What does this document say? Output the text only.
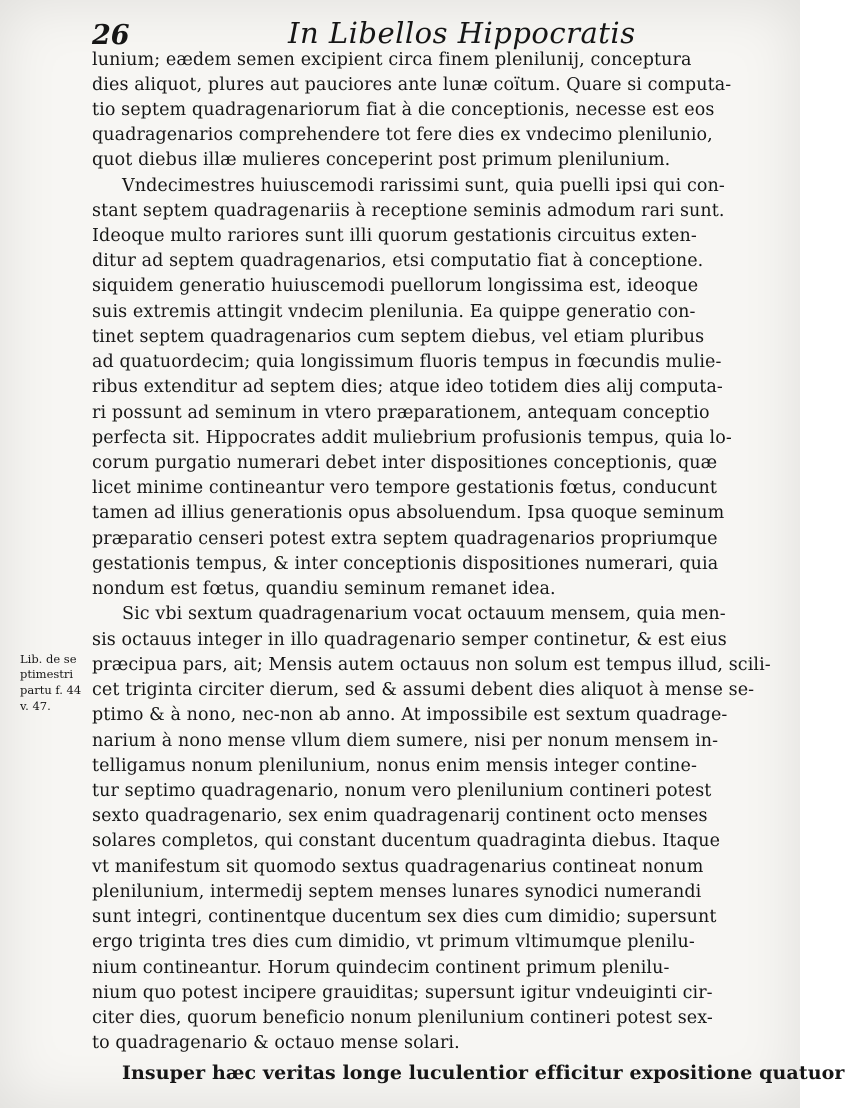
26	In Libellos Hippocratis
lunium; eædem semen excipient circa finem plenilunij, conceptura
dies aliquot, plures aut pauciores ante lunæ coïtum. Quare si computa-
tio septem quadragenariorum fiat à die conceptionis, necesse est eos
quadragenarios comprehendere tot fere dies ex vndecimo plenilunio,
quot diebus illæ mulieres conceperint post primum plenilunium.
Vndecimestres huiuscemodi rarissimi sunt, quia puelli ipsi qui con-
stant septem quadragenariis à receptione seminis admodum rari sunt.
Ideoque multo rariores sunt illi quorum gestationis circuitus exten-
ditur ad septem quadragenarios, etsi computatio fiat à conceptione.
siquidem generatio huiuscemodi puellorum longissima est, ideoque
suis extremis attingit vndecim plenilunia. Ea quippe generatio con-
tinet septem quadragenarios cum septem diebus, vel etiam pluribus
ad quatuordecim; quia longissimum fluoris tempus in fœcundis mulie-
ribus extenditur ad septem dies; atque ideo totidem dies alij computa-
ri possunt ad seminum in vtero præparationem, antequam conceptio
perfecta sit. Hippocrates addit muliebrium profusionis tempus, quia lo-
corum purgatio numerari debet inter dispositiones conceptionis, quæ
licet minime contineantur vero tempore gestationis fœtus, conducunt
tamen ad illius generationis opus absoluendum. Ipsa quoque seminum
præparatio censeri potest extra septem quadragenarios propriumque
gestationis tempus, & inter conceptionis dispositiones numerari, quia
nondum est fœtus, quandiu seminum remanet idea.
Sic vbi sextum quadragenarium vocat octauum mensem, quia men-
sis octauus integer in illo quadragenario semper continetur, & est eius
præcipua pars, ait; Mensis autem octauus non solum est tempus illud, scili-
cet triginta circiter dierum, sed & assumi debent dies aliquot à mense se-
ptimo & à nono, nec-non ab anno. At impossibile est sextum quadrage-
narium à nono mense vllum diem sumere, nisi per nonum mensem in-
telligamus nonum plenilunium, nonus enim mensis integer contine-
tur septimo quadragenario, nonum vero plenilunium contineri potest
sexto quadragenario, sex enim quadragenarij continent octo menses
solares completos, qui constant ducentum quadraginta diebus. Itaque
vt manifestum sit quomodo sextus quadragenarius contineat nonum
plenilunium, intermedij septem menses lunares synodici numerandi
sunt integri, continentque ducentum sex dies cum dimidio; supersunt
ergo triginta tres dies cum dimidio, vt primum vltimumque plenilu-
nium contineantur. Horum quindecim continent primum plenilu-
nium quo potest incipere grauiditas; supersunt igitur vndeuiginti cir-
citer dies, quorum beneficio nonum plenilunium contineri potest sex-
to quadragenario & octauo mense solari.
Insuper hæc veritas longe luculentior efficitur expositione quatuor
Lib. de se
ptimestri
partu f. 44
v. 47.
